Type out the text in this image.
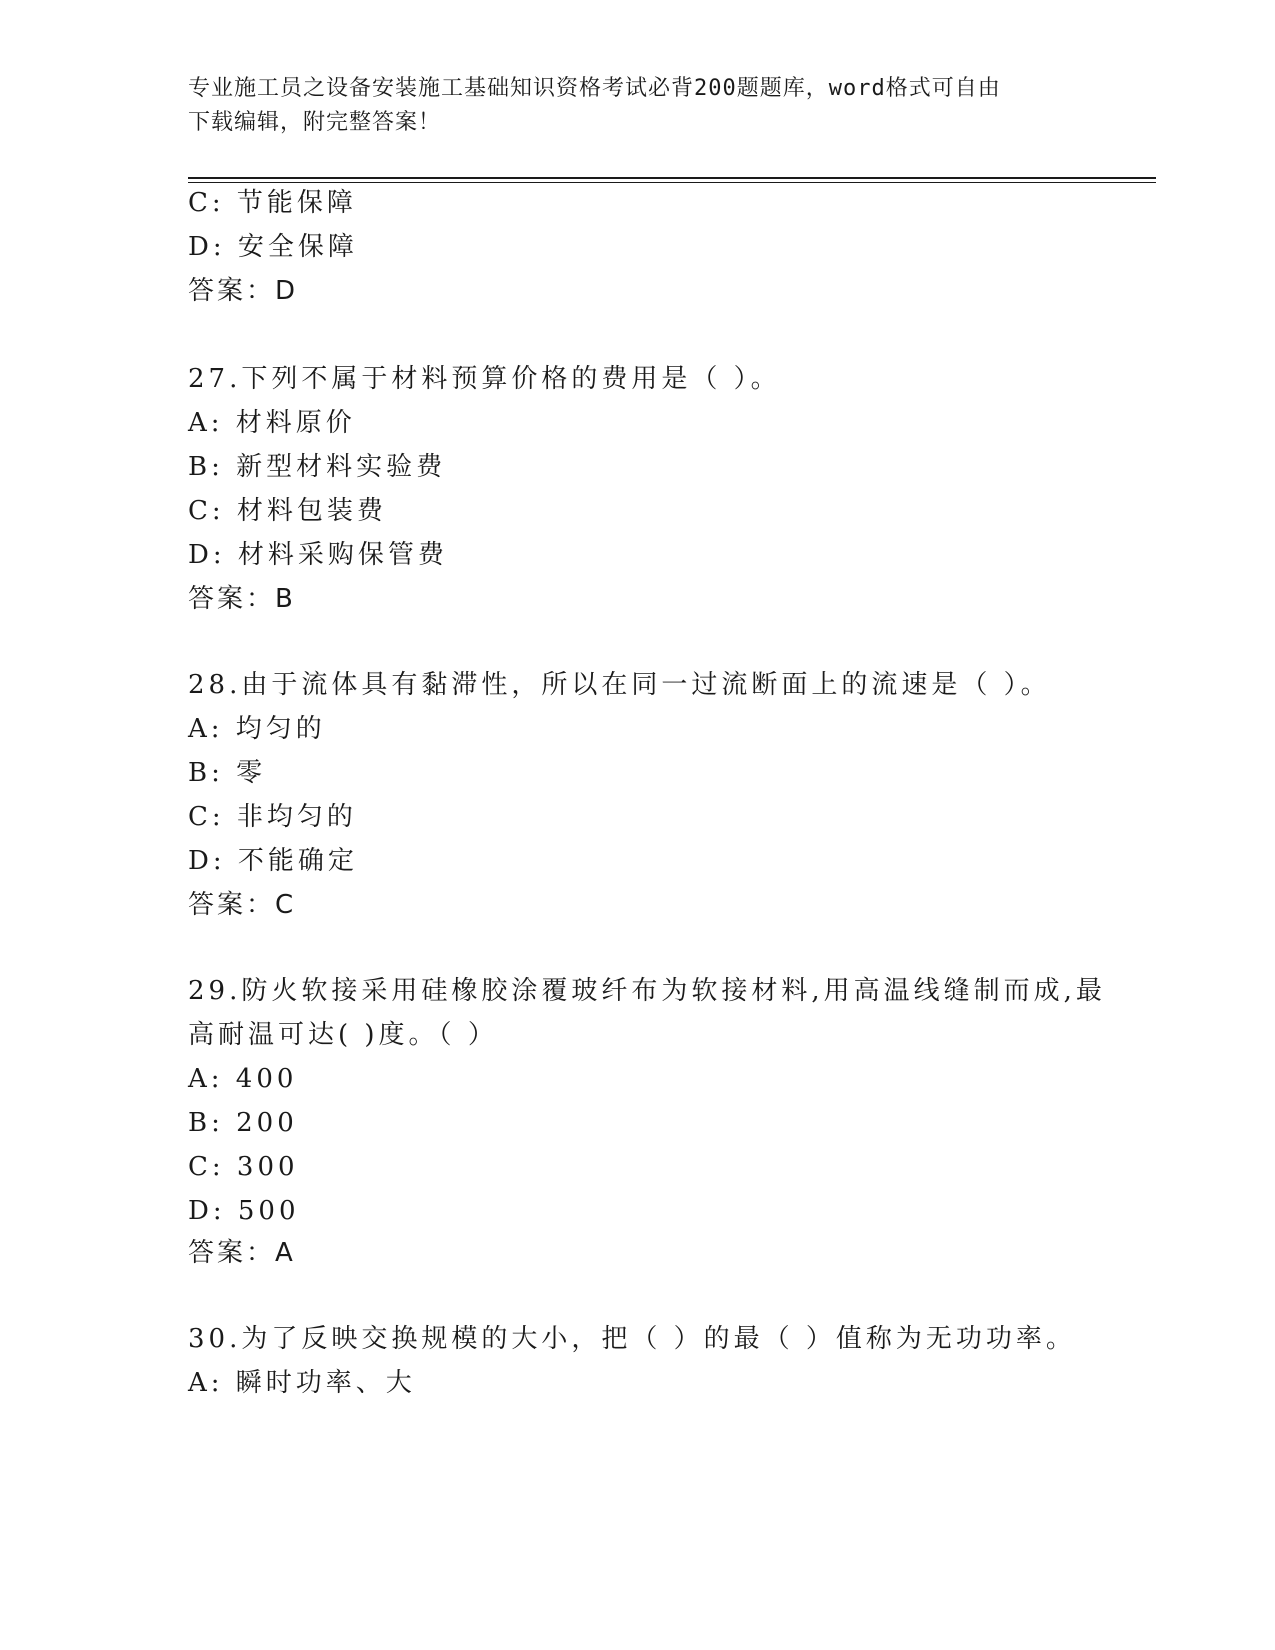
专业施工员之设备安装施工基础知识资格考试必背200题题库，word格式可自由
下载编辑，附完整答案！
C: 节能保障
D: 安全保障
答案：D
27.下列不属于材料预算价格的费用是（ ）。
A: 材料原价
B: 新型材料实验费
C: 材料包装费
D: 材料采购保管费
答案：B
28.由于流体具有黏滞性，所以在同一过流断面上的流速是（ ）。
A: 均匀的
B: 零
C: 非均匀的
D: 不能确定
答案：C
29.防火软接采用硅橡胶涂覆玻纤布为软接材料,用高温线缝制而成,最
高耐温可达( )度。（ ）
A: 400
B: 200
C: 300
D: 500
答案：A
30.为了反映交换规模的大小，把（ ）的最（ ）值称为无功功率。
A: 瞬时功率、大
